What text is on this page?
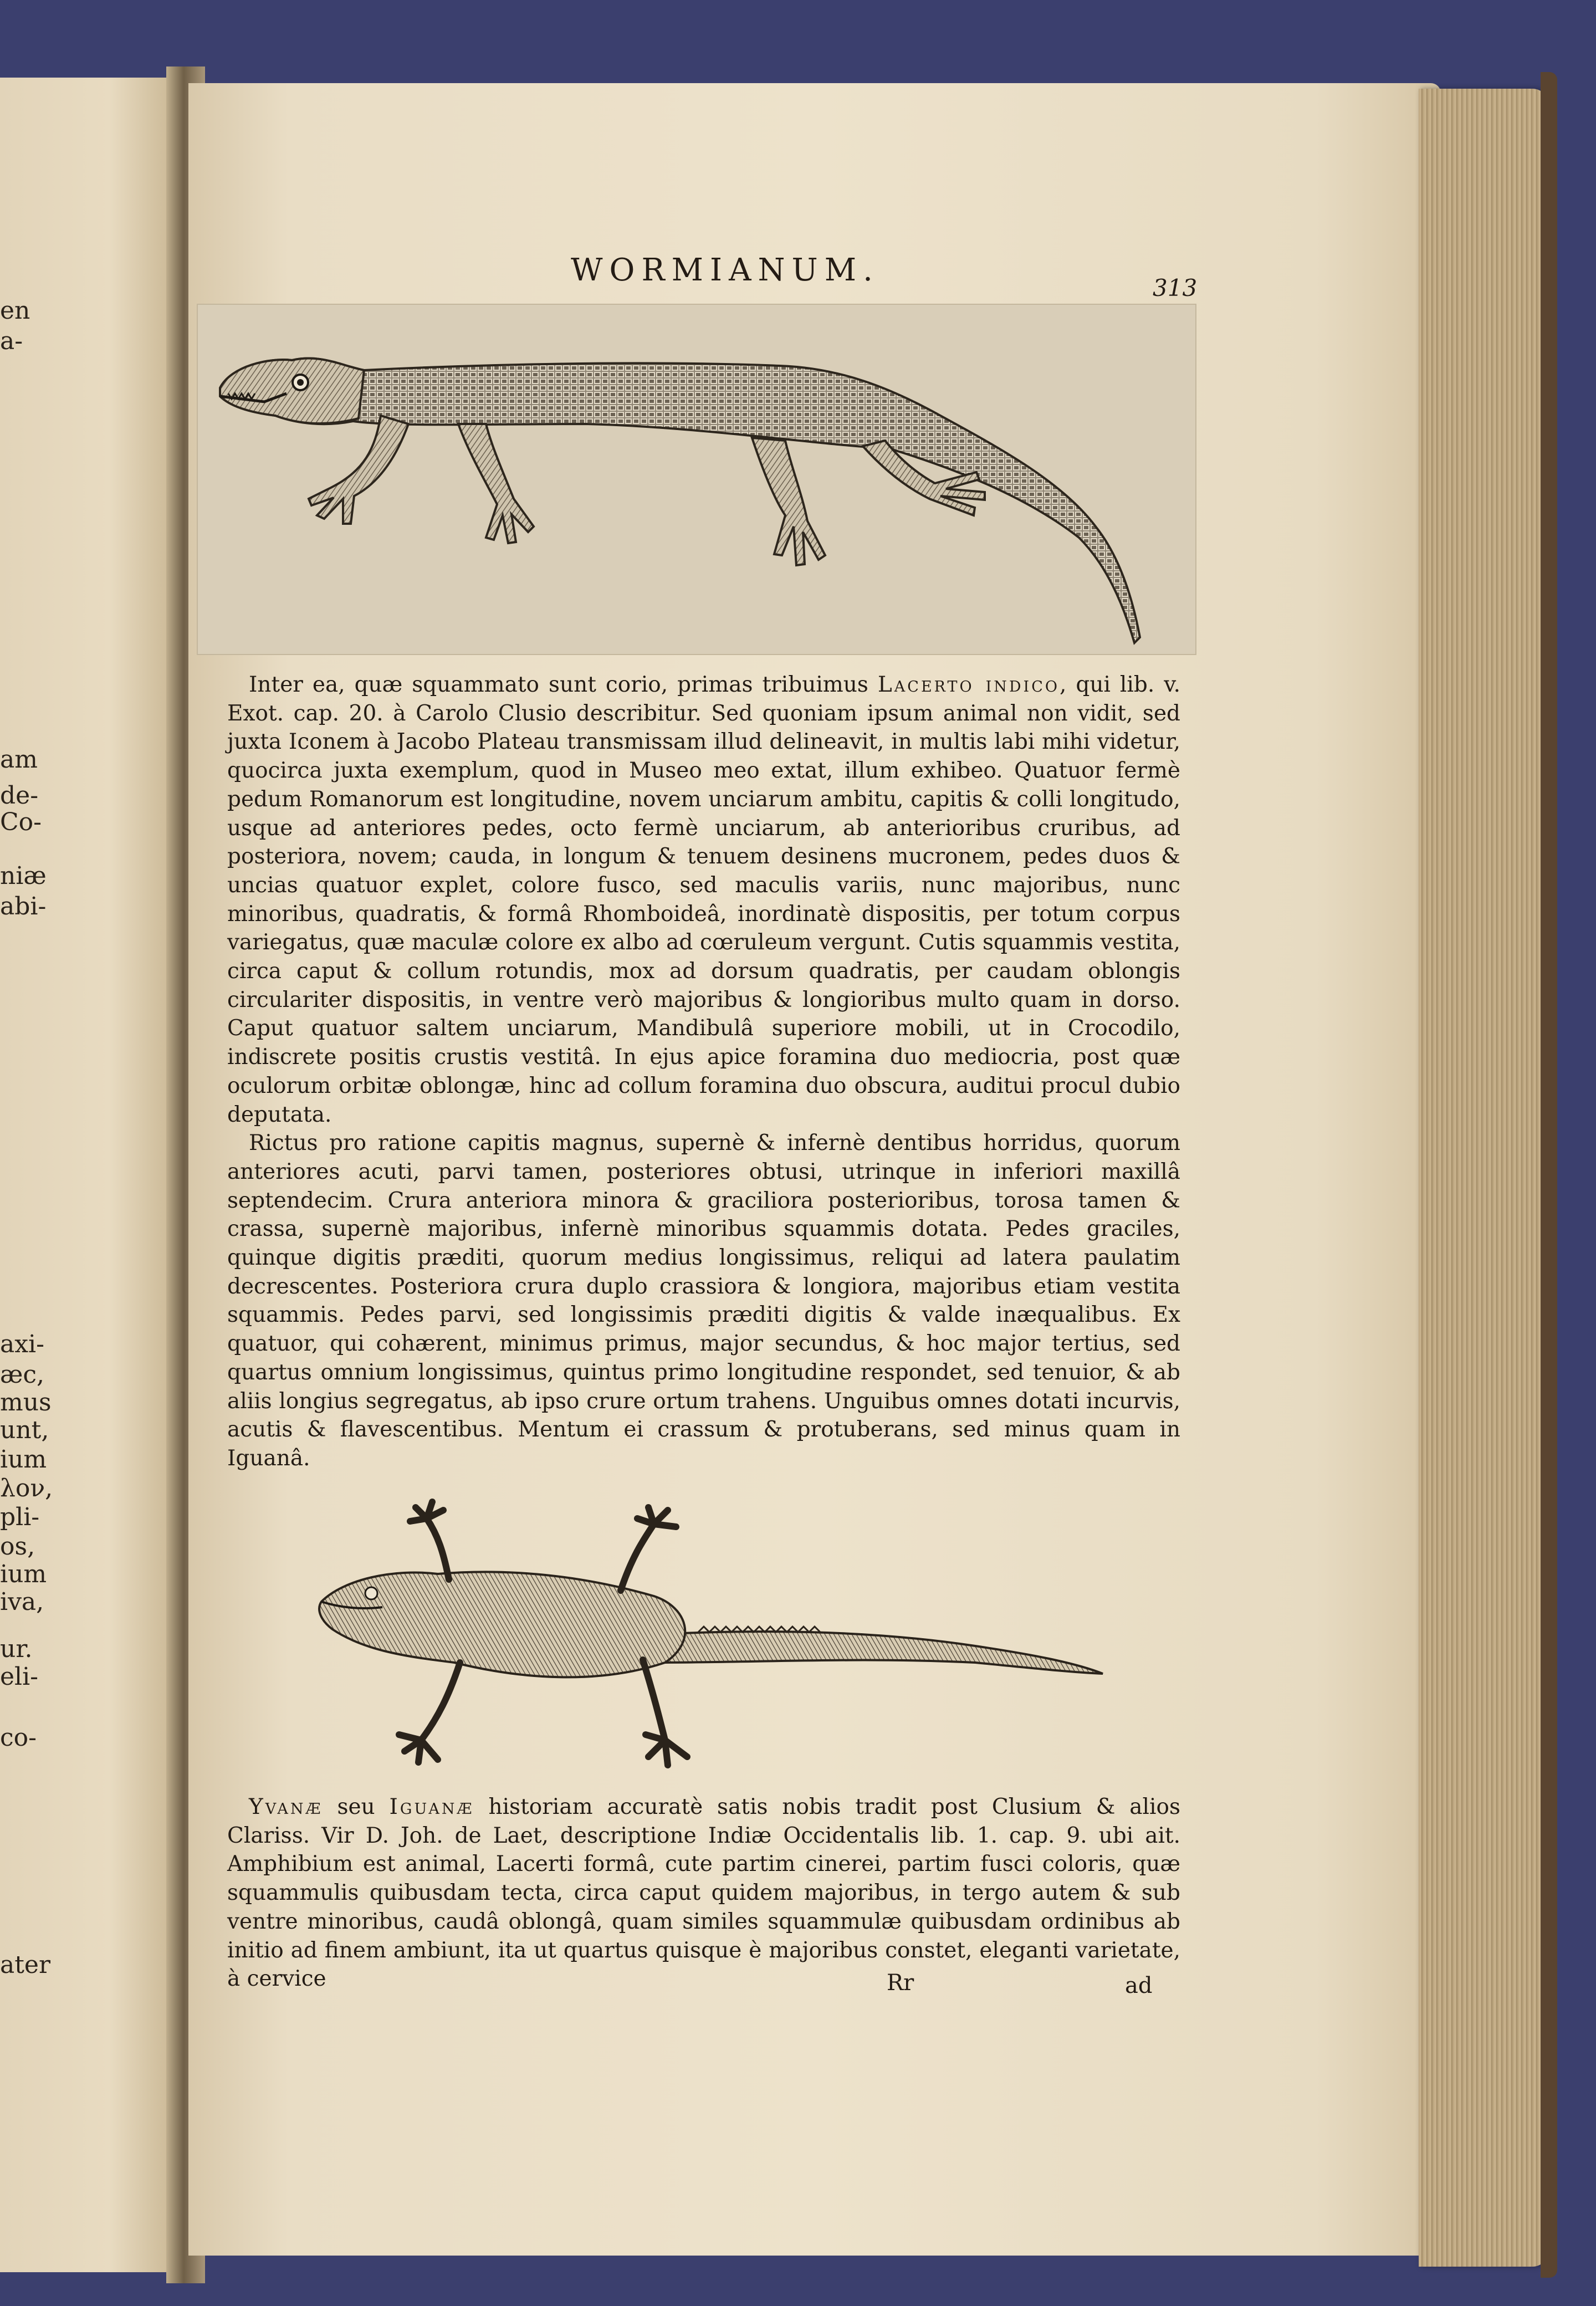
en
a-
am
de-
Co-
niæ
abi-
axi-
æc,
mus
unt,
ium
λον,
pli-
os,
ium
iva,
ur.
eli-
co-
ater
WORMIANUM.	313

 Inter ea, quæ squammato sunt corio, primas tribuimus Lacerto indico, qui lib. v. Exot. cap. 20. à Carolo Clusio describitur. Sed quoniam ipsum animal non vidit, sed juxta Iconem à Jacobo Plateau transmissam illud delineavit, in multis labi mihi videtur, quocirca juxta exemplum, quod in Museo meo extat, illum exhibeo. Quatuor fermè pedum Romanorum est longitudine, novem unciarum ambitu, capitis & colli longitudo, usque ad anteriores pedes, octo fermè unciarum, ab anterioribus cruribus, ad posteriora, novem; cauda, in longum & tenuem desinens mucronem, pedes duos & uncias quatuor explet, colore fusco, sed maculis variis, nunc majoribus, nunc minoribus, quadratis, & formâ Rhomboideâ, inordinatè dispositis, per totum corpus variegatus, quæ maculæ colore ex albo ad cœruleum vergunt. Cutis squammis vestita, circa caput & collum rotundis, mox ad dorsum quadratis, per caudam oblongis circulariter dispositis, in ventre verò majoribus & longioribus multo quam in dorso. Caput quatuor saltem unciarum, Mandibulâ superiore mobili, ut in Crocodilo, indiscrete positis crustis vestitâ. In ejus apice foramina duo mediocria, post quæ oculorum orbitæ oblongæ, hinc ad collum foramina duo obscura, auditui procul dubio deputata.

 Rictus pro ratione capitis magnus, supernè & infernè dentibus horridus, quorum anteriores acuti, parvi tamen, posteriores obtusi, utrinque in inferiori maxillâ septendecim. Crura anteriora minora & graciliora posterioribus, torosa tamen & crassa, supernè majoribus, infernè minoribus squammis dotata. Pedes graciles, quinque digitis præditi, quorum medius longissimus, reliqui ad latera paulatim decrescentes. Posteriora crura duplo crassiora & longiora, majoribus etiam vestita squammis. Pedes parvi, sed longissimis præditi digitis & valde inæqualibus. Ex quatuor, qui cohærent, minimus primus, major secundus, & hoc major tertius, sed quartus omnium longissimus, quintus primo longitudine respondet, sed tenuior, & ab aliis longius segregatus, ab ipso crure ortum trahens. Unguibus omnes dotati incurvis, acutis & flavescentibus. Mentum ei crassum & protuberans, sed minus quam in Iguanâ.

 Yvanæ seu Iguanæ historiam accuratè satis nobis tradit post Clusium & alios Clariss. Vir D. Joh. de Laet, descriptione Indiæ Occidentalis lib. 1. cap. 9. ubi ait. Amphibium est animal, Lacerti formâ, cute partim cinerei, partim fusci coloris, quæ squammulis quibusdam tecta, circa caput quidem majoribus, in tergo autem & sub ventre minoribus, caudâ oblongâ, quam similes squammulæ quibusdam ordinibus ab initio ad finem ambiunt, ita ut quartus quisque è majoribus constet, eleganti varietate, à cervice	Rr	ad
